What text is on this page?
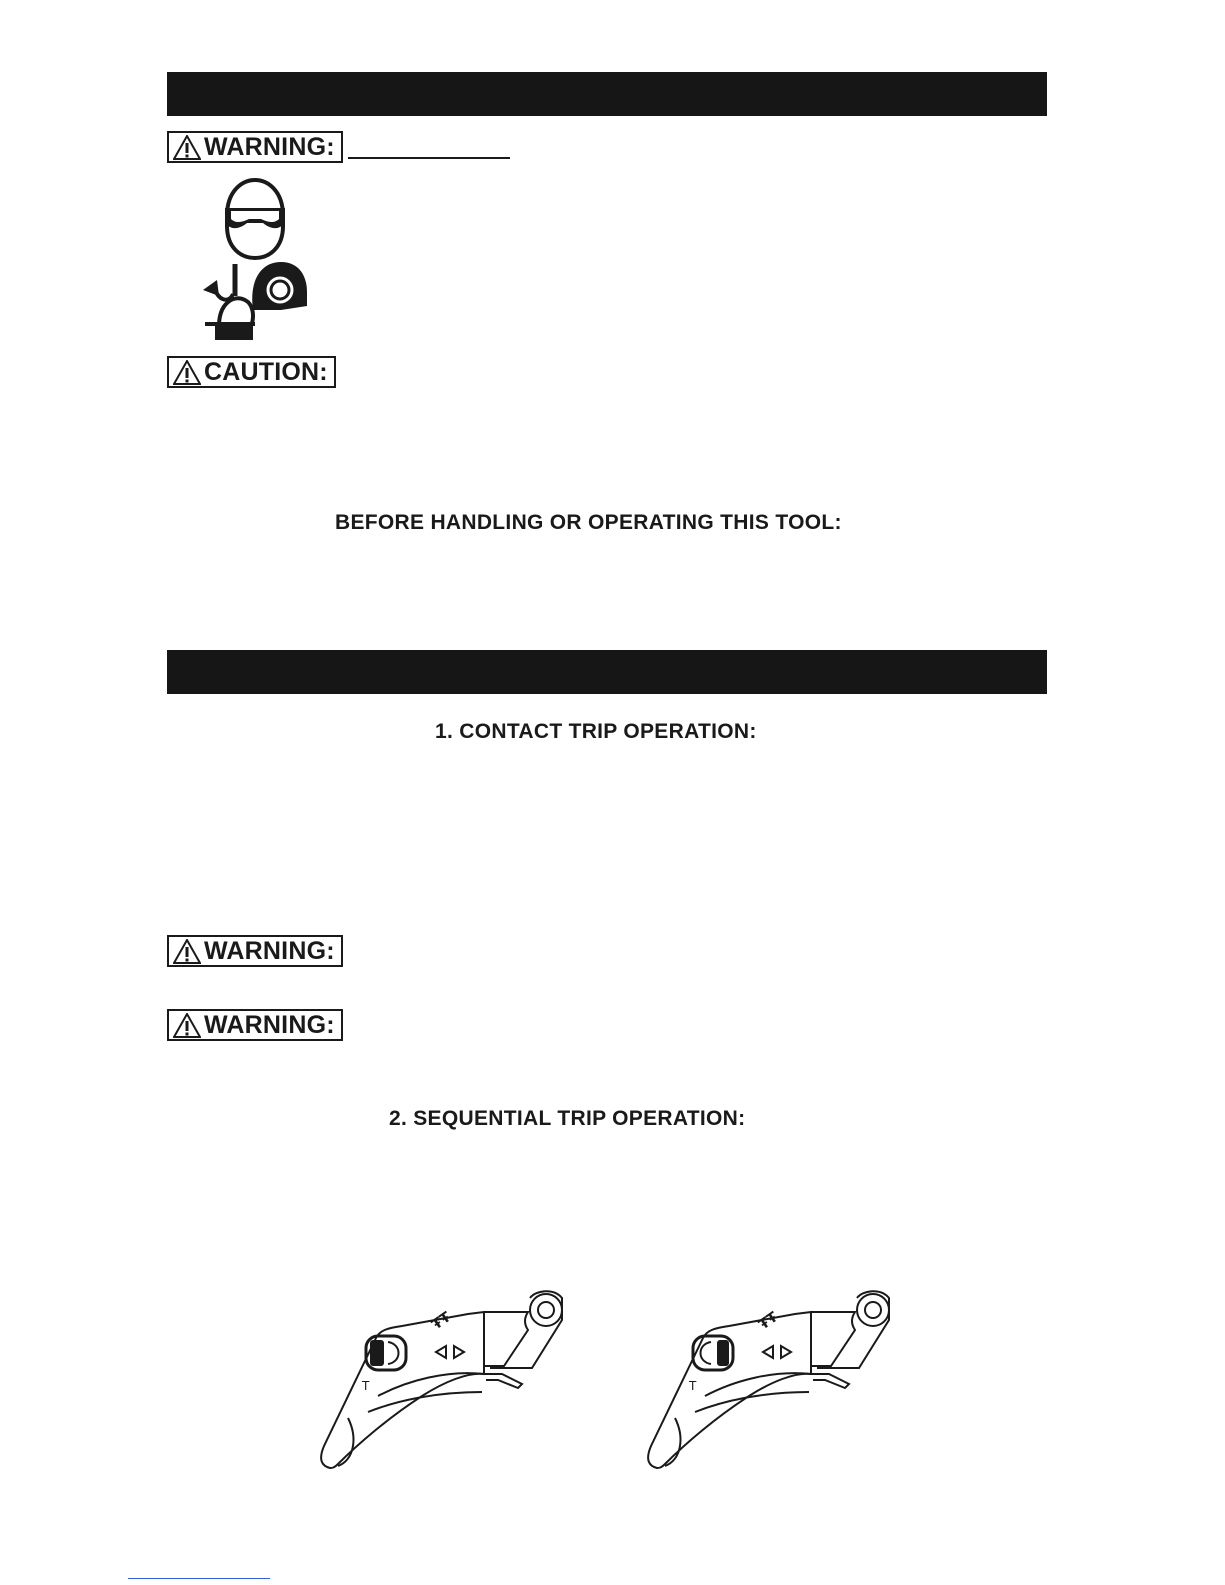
WARNING:
CAUTION:
BEFORE HANDLING OR OPERATING THIS TOOL:
1. CONTACT TRIP OPERATION:
WARNING:
WARNING:
2. SEQUENTIAL TRIP OPERATION:
ŦŦ
T
ŦŦ
T
